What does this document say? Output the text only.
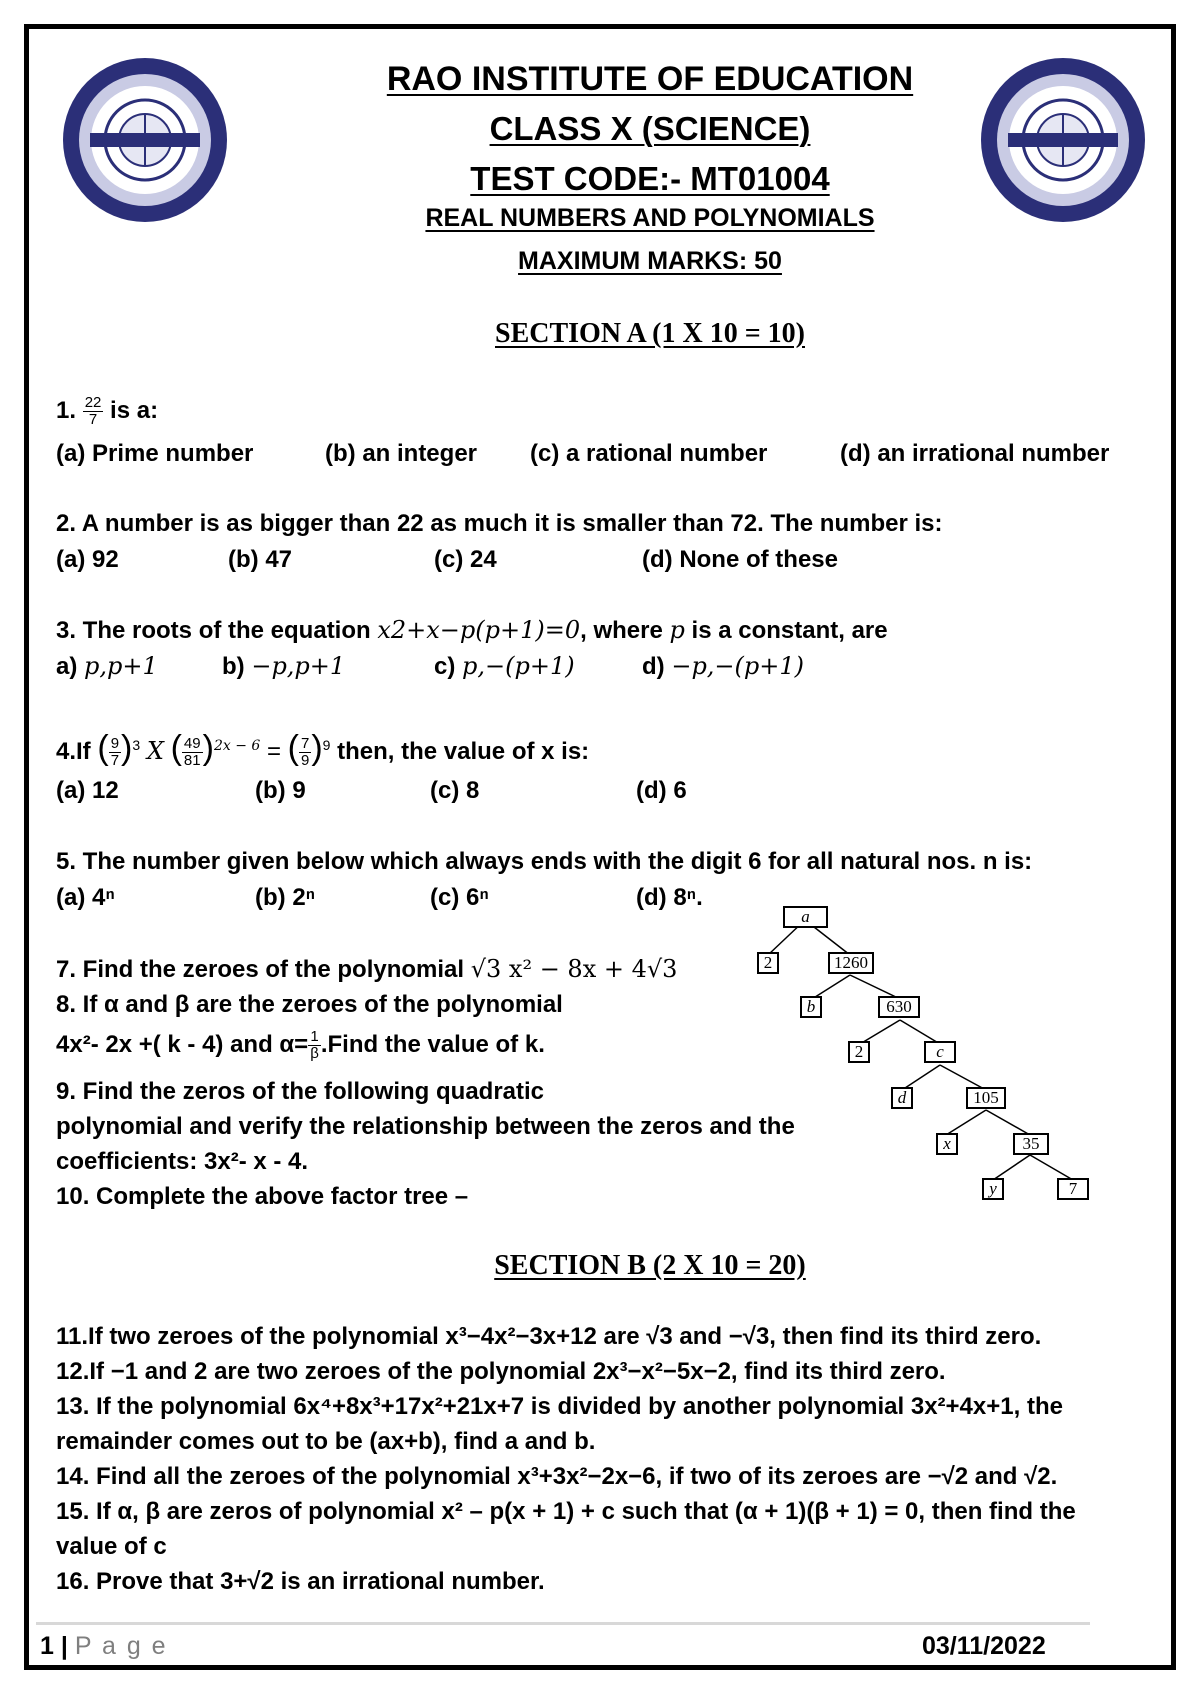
RAO INSTITUTE OF EDUCATION
CLASS X (SCIENCE)
TEST CODE:- MT01004
REAL NUMBERS AND POLYNOMIALS
MAXIMUM MARKS: 50
SECTION A (1 X 10 = 10)
1. $\frac{22}{7}$ is a:
(a) Prime number	(b) an integer (c) a rational number	(d) an irrational number
2. A number is as bigger than 22 as much it is smaller than 72. The number is:
(a) 92	(b) 47	(c) 24	(d) None of these
3. The roots of the equation x2+x−p(p+1)=0, where p is a constant, are
a) p,p+1	b) −p,p+1	c) p,−(p+1)	d) −p,−(p+1)
4.If ( $\frac{9}{7} )^3$ X ( $\frac{49}{81} )^{2x - 6}$ = ( $\frac{7}{9} )^9$ then, the value of x is:
(a) 12	(b) 9	(c) 8	(d) 6
5. The number given below which always ends with the digit 6 for all natural nos. n is:
(a) 4ⁿ	(b) 2ⁿ	(c) 6ⁿ	(d) 8ⁿ.
7. Find the zeroes of the polynomial √3 x² − 8x + 4√3
8. If α and β are the zeroes of the polynomial
4x²- 2x +( k - 4) and $\alpha= \frac{1}{\beta}$ .Find the value of k.
9. Find the zeros of the following quadratic
polynomial and verify the relationship between the zeros and the
coefficients: 3x²- x - 4.
10. Complete the above factor tree –
a
2	1260
b	630
2	c
d	105
x	35
y	7
SECTION B (2 X 10 = 20)
11.If two zeroes of the polynomial x³−4x²−3x+12 are √3 and −√3, then find its third zero.
12.If −1 and 2 are two zeroes of the polynomial 2x³−x²−5x−2, find its third zero.
13. If the polynomial 6x⁴+8x³+17x²+21x+7 is divided by another polynomial 3x²+4x+1, the
remainder comes out to be (ax+b), find a and b.
14. Find all the zeroes of the polynomial x³+3x²−2x−6, if two of its zeroes are −√2 and √2.
15. If α, β are zeros of polynomial x² – p(x + 1) + c such that (α + 1)(β + 1) = 0, then find the
value of c
16. Prove that 3+√2 is an irrational number.
1 | P a g e	03/11/2022
